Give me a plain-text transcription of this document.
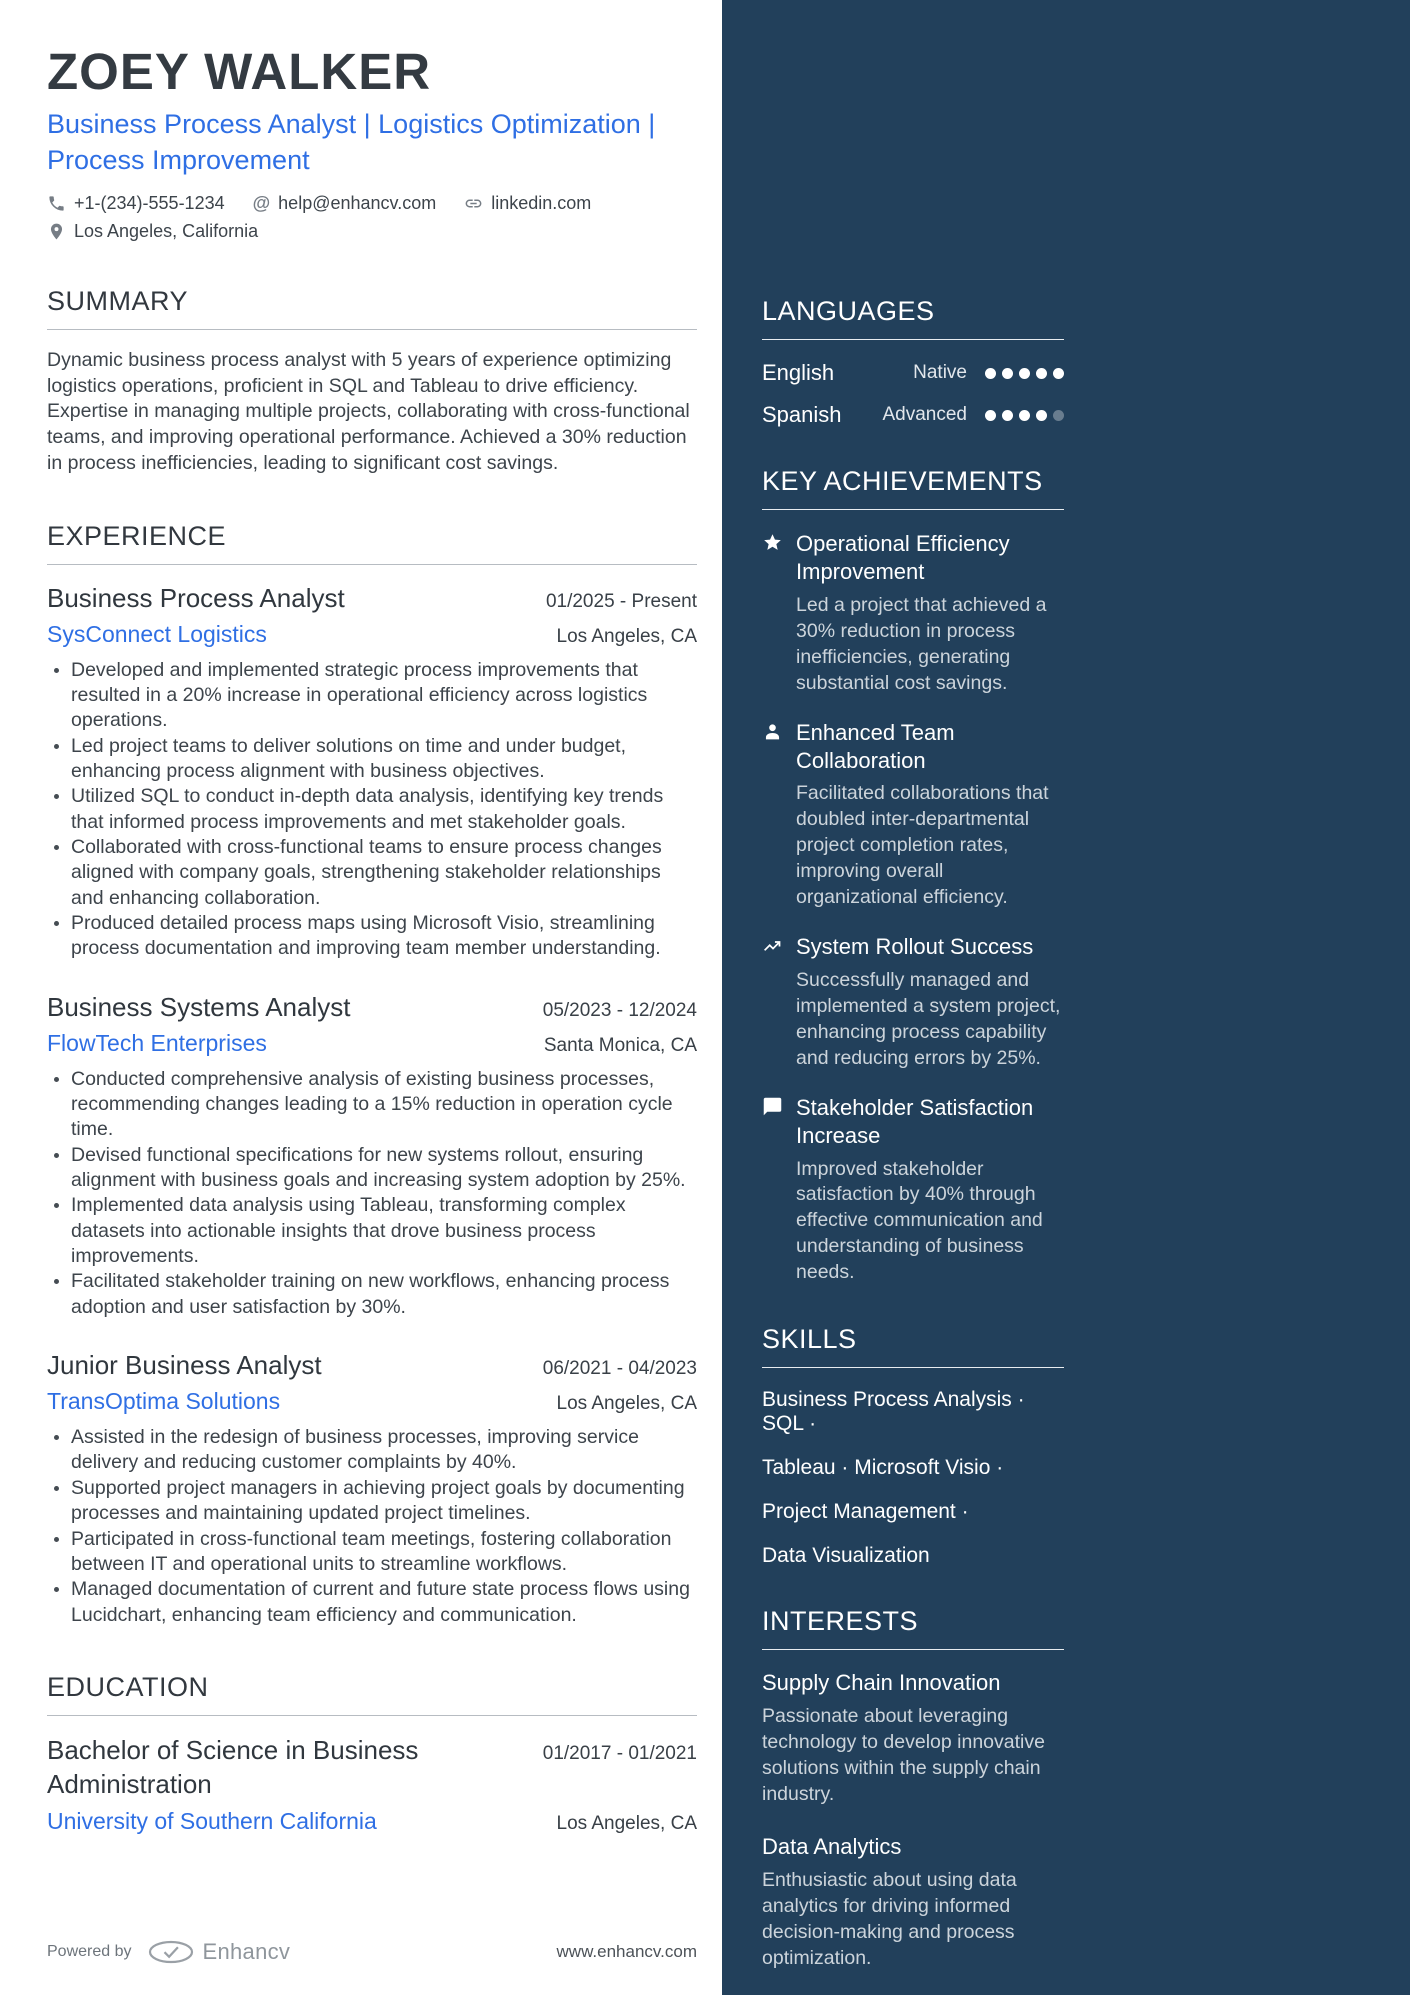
ZOEY WALKER
Business Process Analyst | Logistics Optimization | Process Improvement
+1-(234)-555-1234 @ help@enhancv.com	linkedin.com
Los Angeles, California
SUMMARY

Dynamic business process analyst with 5 years of experience optimizing logistics operations, proficient in SQL and Tableau to drive efficiency. Expertise in managing multiple projects, collaborating with cross-functional teams, and improving operational performance. Achieved a 30% reduction in process inefficiencies, leading to significant cost savings.

EXPERIENCE
Business Process Analyst	01/2025 - Present
SysConnect Logistics	Los Angeles, CA
Developed and implemented strategic process improvements that resulted in a 20% increase in operational efficiency across logistics operations.
Led project teams to deliver solutions on time and under budget, enhancing process alignment with business objectives.
Utilized SQL to conduct in-depth data analysis, identifying key trends that informed process improvements and met stakeholder goals.
Collaborated with cross-functional teams to ensure process changes aligned with company goals, strengthening stakeholder relationships and enhancing collaboration.
Produced detailed process maps using Microsoft Visio, streamlining process documentation and improving team member understanding.
Business Systems Analyst	05/2023 - 12/2024
FlowTech Enterprises	Santa Monica, CA
Conducted comprehensive analysis of existing business processes, recommending changes leading to a 15% reduction in operation cycle time.
Devised functional specifications for new systems rollout, ensuring alignment with business goals and increasing system adoption by 25%.
Implemented data analysis using Tableau, transforming complex datasets into actionable insights that drove business process improvements.
Facilitated stakeholder training on new workflows, enhancing process adoption and user satisfaction by 30%.
Junior Business Analyst	06/2021 - 04/2023
TransOptima Solutions	Los Angeles, CA
Assisted in the redesign of business processes, improving service delivery and reducing customer complaints by 40%.
Supported project managers in achieving project goals by documenting processes and maintaining updated project timelines.
Participated in cross-functional team meetings, fostering collaboration between IT and operational units to streamline workflows.
Managed documentation of current and future state process flows using Lucidchart, enhancing team efficiency and communication.
EDUCATION
Bachelor of Science in Business Administration
01/2017 - 01/2021
University of Southern California	Los Angeles, CA
Powered by	Enhancv	www.enhancv.com
LANGUAGES
English	Native
Spanish	Advanced
KEY ACHIEVEMENTS
Operational Efficiency Improvement
Led a project that achieved a 30% reduction in process inefficiencies, generating substantial cost savings.
Enhanced Team Collaboration
Facilitated collaborations that doubled inter-departmental project completion rates, improving overall organizational efficiency.
System Rollout Success
Successfully managed and implemented a system project, enhancing process capability and reducing errors by 25%.
Stakeholder Satisfaction Increase
Improved stakeholder satisfaction by 40% through effective communication and understanding of business needs.
SKILLS
Business Process Analysis · SQL ·
Tableau · Microsoft Visio ·
Project Management ·
Data Visualization
INTERESTS
Supply Chain Innovation
Passionate about leveraging technology to develop innovative solutions within the supply chain industry.
Data Analytics
Enthusiastic about using data analytics for driving informed decision-making and process optimization.
